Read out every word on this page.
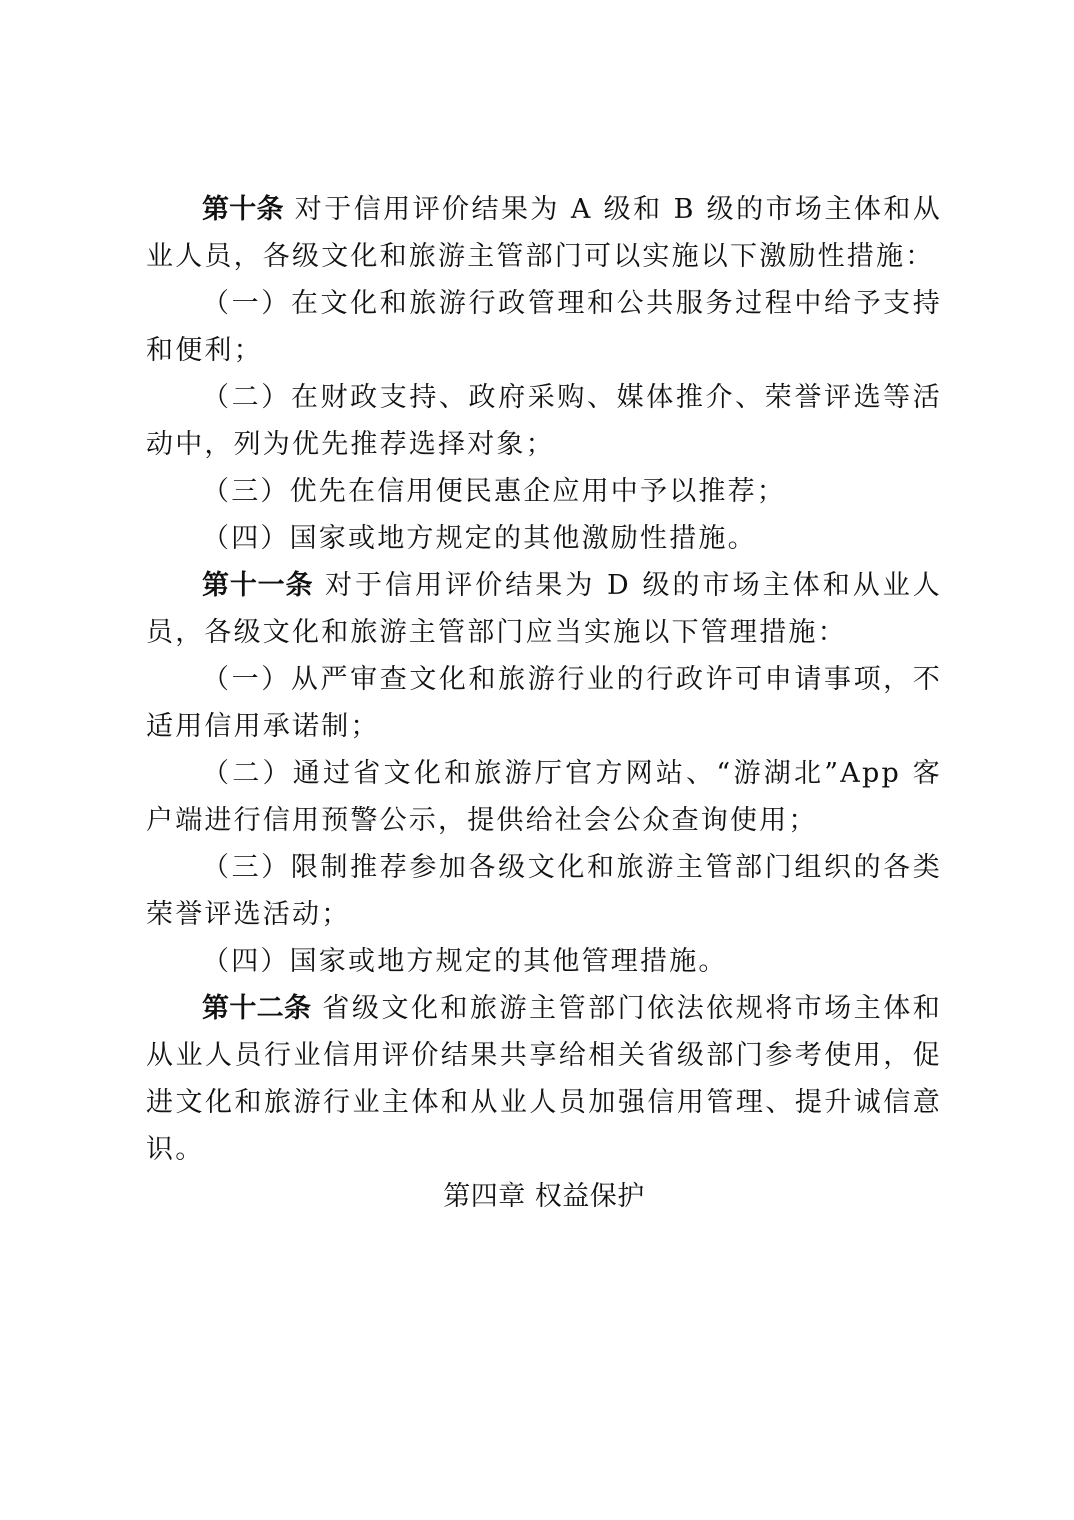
第十条 对于信用评价结果为 A 级和 B 级的市场主体和从业人员，各级文化和旅游主管部门可以实施以下激励性措施：

（一）在文化和旅游行政管理和公共服务过程中给予支持和便利；

（二）在财政支持、政府采购、媒体推介、荣誉评选等活动中，列为优先推荐选择对象；

（三）优先在信用便民惠企应用中予以推荐；

（四）国家或地方规定的其他激励性措施。

第十一条 对于信用评价结果为 D 级的市场主体和从业人员，各级文化和旅游主管部门应当实施以下管理措施：

（一）从严审查文化和旅游行业的行政许可申请事项，不适用信用承诺制；

（二）通过省文化和旅游厅官方网站、“游湖北”App 客户端进行信用预警公示，提供给社会公众查询使用；

（三）限制推荐参加各级文化和旅游主管部门组织的各类荣誉评选活动；

（四）国家或地方规定的其他管理措施。

第十二条 省级文化和旅游主管部门依法依规将市场主体和从业人员行业信用评价结果共享给相关省级部门参考使用，促进文化和旅游行业主体和从业人员加强信用管理、提升诚信意识。

第四章 权益保护
